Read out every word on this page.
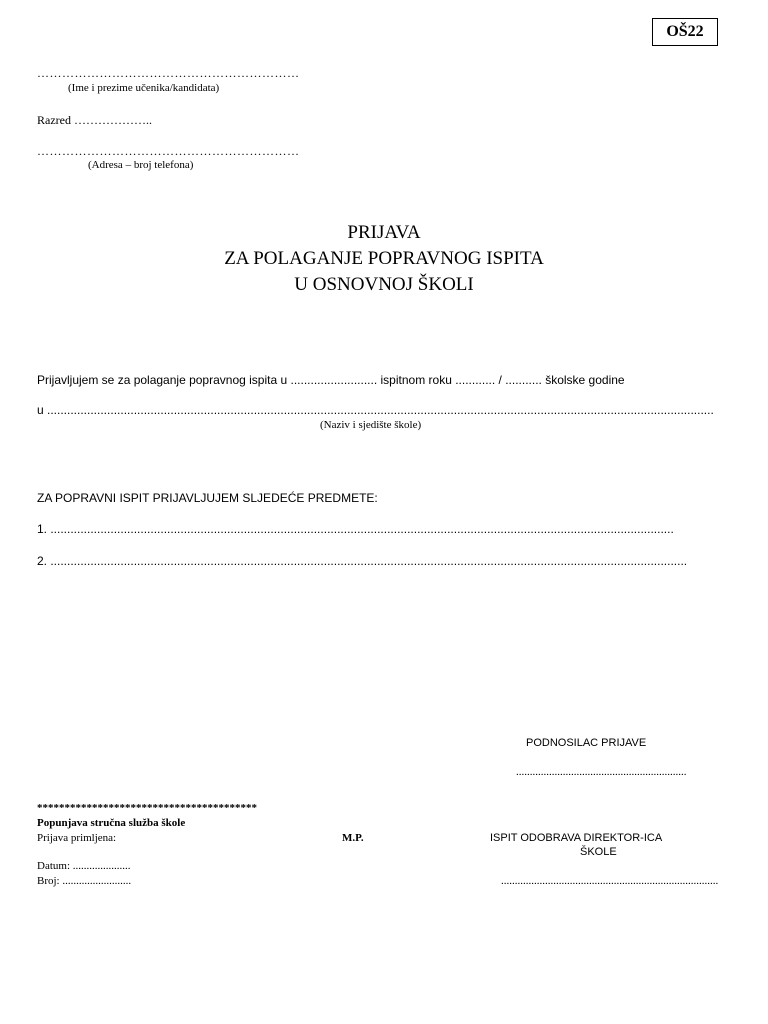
OŠ22
………………………………………………………
(Ime i prezime učenika/kandidata)
Razred ………………..
………………………………………………………
(Adresa – broj telefona)
PRIJAVA
ZA POLAGANJE POPRAVNOG ISPITA
U OSNOVNOJ ŠKOLI
Prijavljujem se za polaganje popravnog ispita u .......................... ispitnom roku ............ / ........... školske godine
u ........................................................................................................................................................................................................
(Naziv i sjedište škole)
ZA POPRAVNI ISPIT PRIJAVLJUJEM SLJEDEĆE PREDMETE:
1. ...........................................................................................................................................................................................
2. ...............................................................................................................................................................................................
PODNOSILAC PRIJAVE
..............................................................
****************************************
Popunjava stručna služba škole
Prijava primljena:	M.P.	ISPIT ODOBRAVA DIREKTOR-ICA
ŠKOLE
Datum: .....................
Broj: .........................	...............................................................................
